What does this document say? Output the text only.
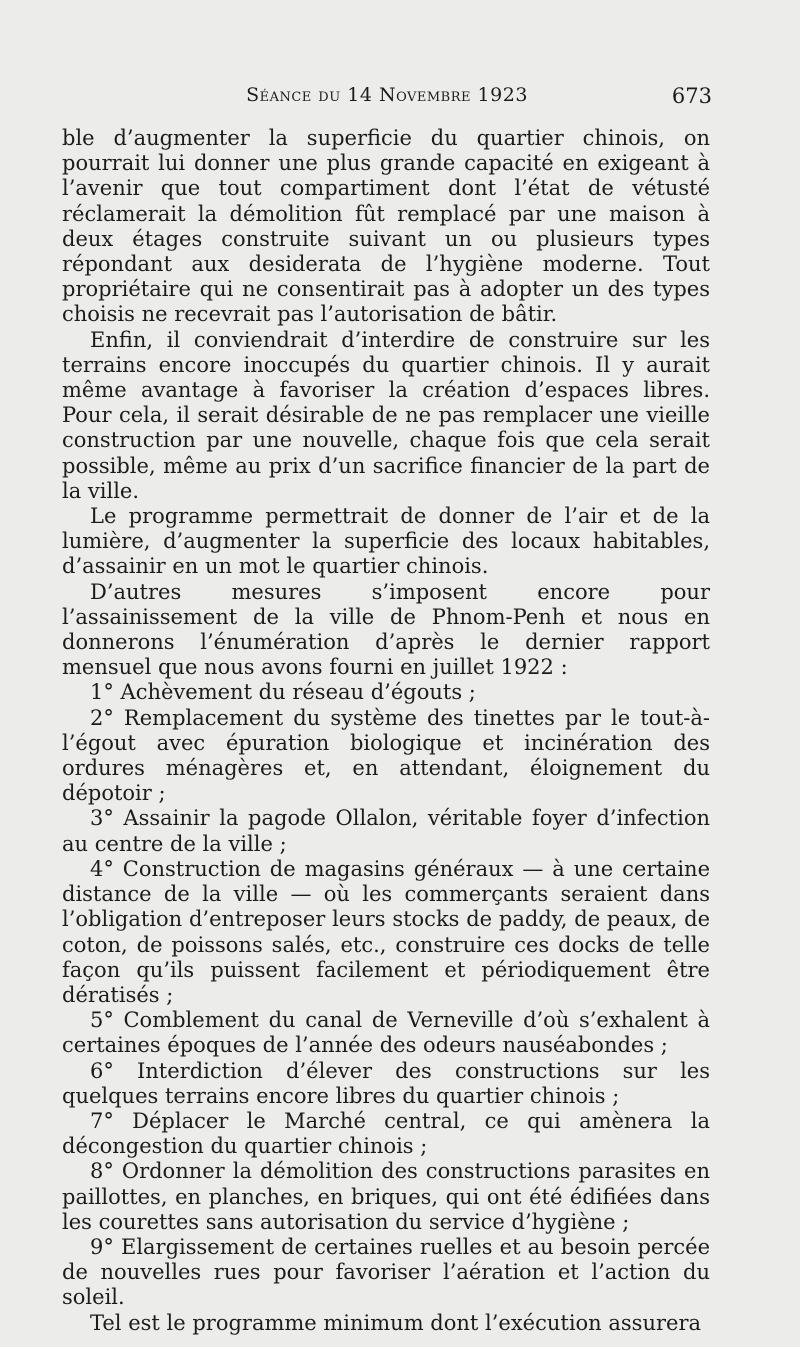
Séance du 14 Novembre 1923	673

ble d’augmenter la superficie du quartier chinois, on pourrait lui donner une plus grande capacité en exigeant à l’avenir que tout compartiment dont l’état de vétusté réclamerait la démolition fût remplacé par une maison à deux étages construite suivant un ou plusieurs types répondant aux desiderata de l’hygiène moderne. Tout propriétaire qui ne consentirait pas à adopter un des types choisis ne recevrait pas l’autorisation de bâtir.

Enfin, il conviendrait d’interdire de construire sur les terrains encore inoccupés du quartier chinois. Il y aurait même avantage à favoriser la création d’espaces libres. Pour cela, il serait désirable de ne pas remplacer une vieille construction par une nouvelle, chaque fois que cela serait possible, même au prix d’un sacrifice financier de la part de la ville.

Le programme permettrait de donner de l’air et de la lumière, d’augmenter la superficie des locaux habitables, d’assainir en un mot le quartier chinois.

D’autres mesures s’imposent encore pour l’assainissement de la ville de Phnom-Penh et nous en donnerons l’énumération d’après le dernier rapport mensuel que nous avons fourni en juillet 1922 :

1° Achèvement du réseau d’égouts ;

2° Remplacement du système des tinettes par le tout-à-l’égout avec épuration biologique et incinération des ordures ménagères et, en attendant, éloignement du dépotoir ;

3° Assainir la pagode Ollalon, véritable foyer d’infection au centre de la ville ;

4° Construction de magasins généraux — à une certaine distance de la ville — où les commerçants seraient dans l’obligation d’entreposer leurs stocks de paddy, de peaux, de coton, de poissons salés, etc., construire ces docks de telle façon qu’ils puissent facilement et périodiquement être dératisés ;

5° Comblement du canal de Verneville d’où s’exhalent à certaines époques de l’année des odeurs nauséabondes ;

6° Interdiction d’élever des constructions sur les quelques terrains encore libres du quartier chinois ;

7° Déplacer le Marché central, ce qui amènera la décongestion du quartier chinois ;

8° Ordonner la démolition des constructions parasites en paillottes, en planches, en briques, qui ont été édifiées dans les courettes sans autorisation du service d’hygiène ;

9° Elargissement de certaines ruelles et au besoin percée de nouvelles rues pour favoriser l’aération et l’action du soleil.

Tel est le programme minimum dont l’exécution assurera
